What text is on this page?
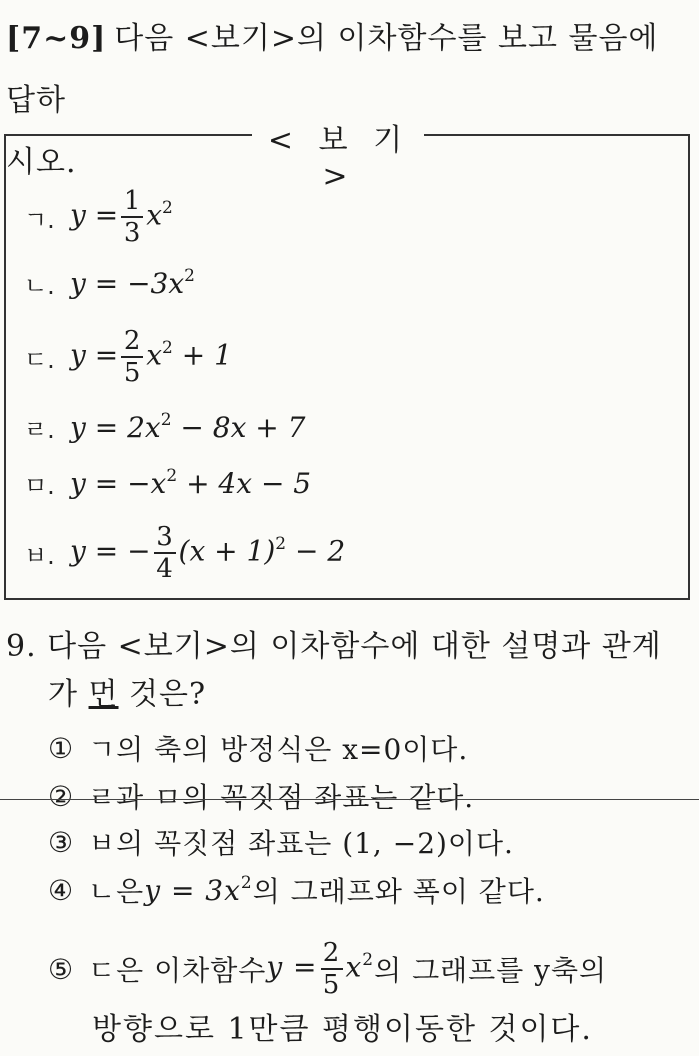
[7~9] 다음 <보기>의 이차함수를 보고 물음에 답하
시오.
< 보 기 >
ㄱ. $y = \frac{1}{3} x^2$
ㄴ. $y = -3x^2$
ㄷ. $y = \frac{2}{5} x^2 + 1$
ㄹ. $y = 2x^2 - 8x + 7$
ㅁ. $y = -x^2 + 4x - 5$
ㅂ. y = − $\frac{3}{4} (x + 1)^2 - 2$
9. 다음 <보기>의 이차함수에 대한 설명과 관계
가 먼 것은?
① ㄱ의 축의 방정식은 x=0이다.
② ㄹ과 ㅁ의 꼭짓점 좌표는 같다.
③ ㅂ의 꼭짓점 좌표는 (1, −2)이다.
④ ㄴ은 $y = 3x^2$ 의 그래프와 폭이 같다.
⑤ ㄷ은 이차함수 $y = \frac{2}{5} x^2$ 의 그래프를 y축의
방향으로 1만큼 평행이동한 것이다.
